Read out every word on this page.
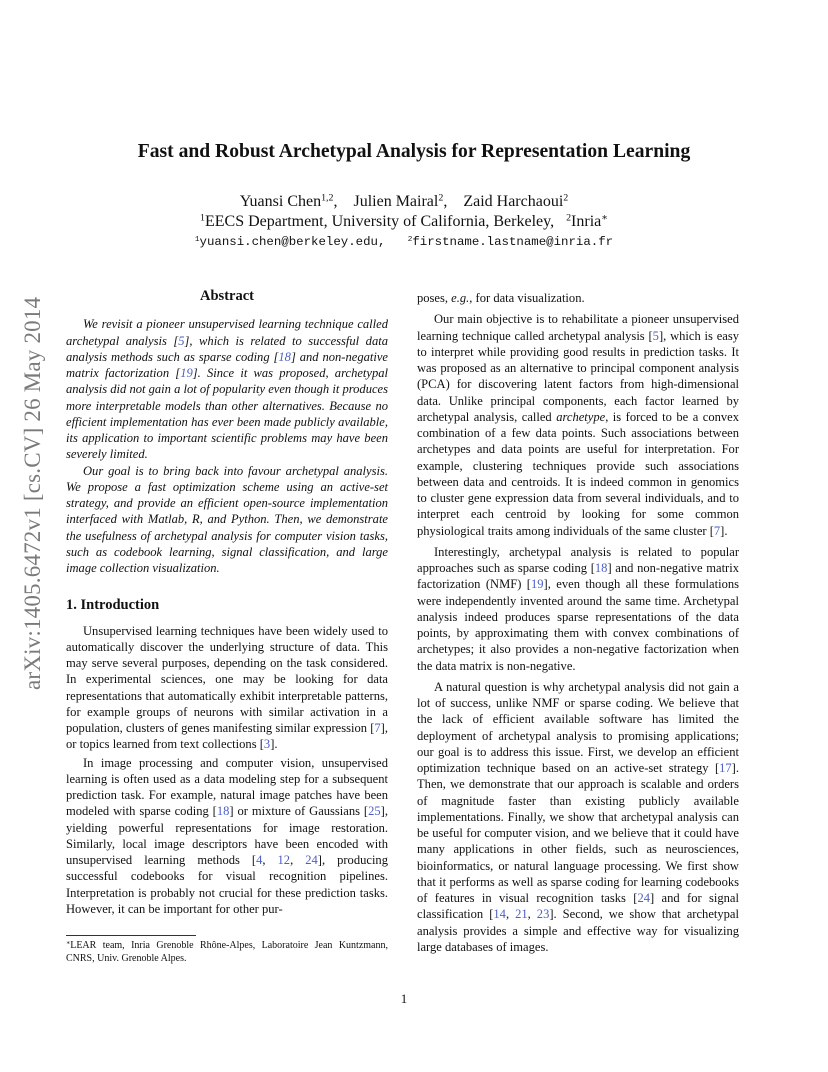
arXiv:1405.6472v1 [cs.CV] 26 May 2014
Fast and Robust Archetypal Analysis for Representation Learning
Yuansi Chen$^{1,2}$,    Julien Mairal$^2$,    Zaid Harchaoui$^2$
$^1$EECS Department, University of California, Berkeley, $^2$Inria∗
$^1$yuansi.chen@berkeley.edu,	$^2$firstname.lastname@inria.fr
Abstract

We revisit a pioneer unsupervised learning technique called archetypal analysis [5], which is related to successful data analysis methods such as sparse coding [18] and non-negative matrix factorization [19]. Since it was proposed, archetypal analysis did not gain a lot of popularity even though it produces more interpretable models than other alternatives. Because no efficient implementation has ever been made publicly available, its application to important scientific problems may have been severely limited.

Our goal is to bring back into favour archetypal analysis. We propose a fast optimization scheme using an active-set strategy, and provide an efficient open-source implementation interfaced with Matlab, R, and Python. Then, we demonstrate the usefulness of archetypal analysis for computer vision tasks, such as codebook learning, signal classification, and large image collection visualization.

1. Introduction

Unsupervised learning techniques have been widely used to automatically discover the underlying structure of data. This may serve several purposes, depending on the task considered. In experimental sciences, one may be looking for data representations that automatically exhibit interpretable patterns, for example groups of neurons with similar activation in a population, clusters of genes manifesting similar expression [7], or topics learned from text collections [3].

In image processing and computer vision, unsupervised learning is often used as a data modeling step for a subsequent prediction task. For example, natural image patches have been modeled with sparse coding [18] or mixture of Gaussians [25], yielding powerful representations for image restoration. Similarly, local image descriptors have been encoded with unsupervised learning methods [4, 12, 24], producing successful codebooks for visual recognition pipelines. Interpretation is probably not crucial for these prediction tasks. However, it can be important for other pur-

∗LEAR team, Inria Grenoble Rhône-Alpes, Laboratoire Jean Kuntzmann, CNRS, Univ. Grenoble Alpes.

poses, e.g., for data visualization.

Our main objective is to rehabilitate a pioneer unsupervised learning technique called archetypal analysis [5], which is easy to interpret while providing good results in prediction tasks. It was proposed as an alternative to principal component analysis (PCA) for discovering latent factors from high-dimensional data. Unlike principal components, each factor learned by archetypal analysis, called archetype, is forced to be a convex combination of a few data points. Such associations between archetypes and data points are useful for interpretation. For example, clustering techniques provide such associations between data and centroids. It is indeed common in genomics to cluster gene expression data from several individuals, and to interpret each centroid by looking for some common physiological traits among individuals of the same cluster [7].

Interestingly, archetypal analysis is related to popular approaches such as sparse coding [18] and non-negative matrix factorization (NMF) [19], even though all these formulations were independently invented around the same time. Archetypal analysis indeed produces sparse representations of the data points, by approximating them with convex combinations of archetypes; it also provides a non-negative factorization when the data matrix is non-negative.

A natural question is why archetypal analysis did not gain a lot of success, unlike NMF or sparse coding. We believe that the lack of efficient available software has limited the deployment of archetypal analysis to promising applications; our goal is to address this issue. First, we develop an efficient optimization technique based on an active-set strategy [17]. Then, we demonstrate that our approach is scalable and orders of magnitude faster than existing publicly available implementations. Finally, we show that archetypal analysis can be useful for computer vision, and we believe that it could have many applications in other fields, such as neurosciences, bioinformatics, or natural language processing. We first show that it performs as well as sparse coding for learning codebooks of features in visual recognition tasks [24] and for signal classification [14, 21, 23]. Second, we show that archetypal analysis provides a simple and effective way for visualizing large databases of images.

1
